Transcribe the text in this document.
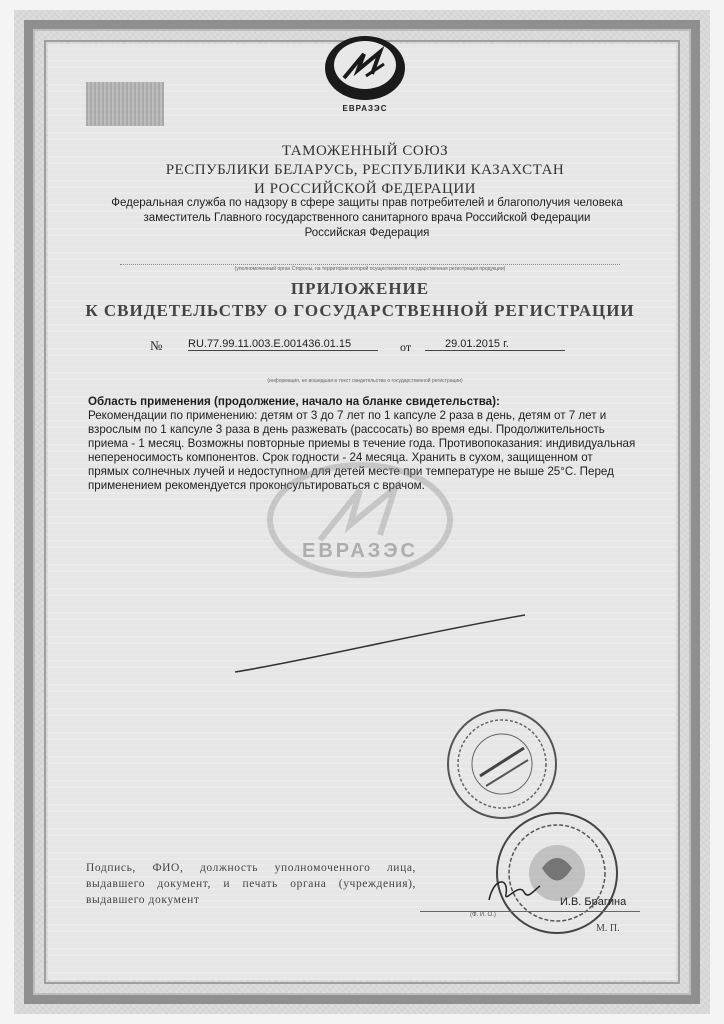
ЕВРАЗЭС
ТАМОЖЕННЫЙ СОЮЗ
РЕСПУБЛИКИ БЕЛАРУСЬ, РЕСПУБЛИКИ КАЗАХСТАН
И РОССИЙСКОЙ ФЕДЕРАЦИИ
Федеральная служба по надзору в сфере защиты прав потребителей и благополучия человека
заместитель Главного государственного санитарного врача Российской Федерации
Российская Федерация
(уполномоченный орган Стороны, на территории которой осуществляется государственная регистрация продукции)
ПРИЛОЖЕНИЕ
К СВИДЕТЕЛЬСТВУ О ГОСУДАРСТВЕННОЙ РЕГИСТРАЦИИ
№ RU.77.99.11.003.E.001436.01.15	от	29.01.2015 г.
(информация, не вошедшая в текст свидетельства о государственной регистрации)
Область применения (продолжение, начало на бланке свидетельства):
Рекомендации по применению: детям от 3 до 7 лет по 1 капсуле 2 раза в день, детям от 7 лет и взрослым по 1 капсуле 3 раза в день разжевать (рассосать) во время еды. Продолжительность приема - 1 месяц. Возможны повторные приемы в течение года. Противопоказания: индивидуальная непереносимость компонентов. Срок годности - 24 месяца. Хранить в сухом, защищенном от прямых солнечных лучей и недоступном для детей месте при температуре не выше 25°С. Перед применением рекомендуется проконсультироваться с врачом.
ЕВРАЗЭС
Подпись, ФИО, должность уполномоченного лица, выдавшего документ, и печать органа (учреждения), выдавшего документ	И.В. Брагина
(Ф. И. О.)
М. П.
